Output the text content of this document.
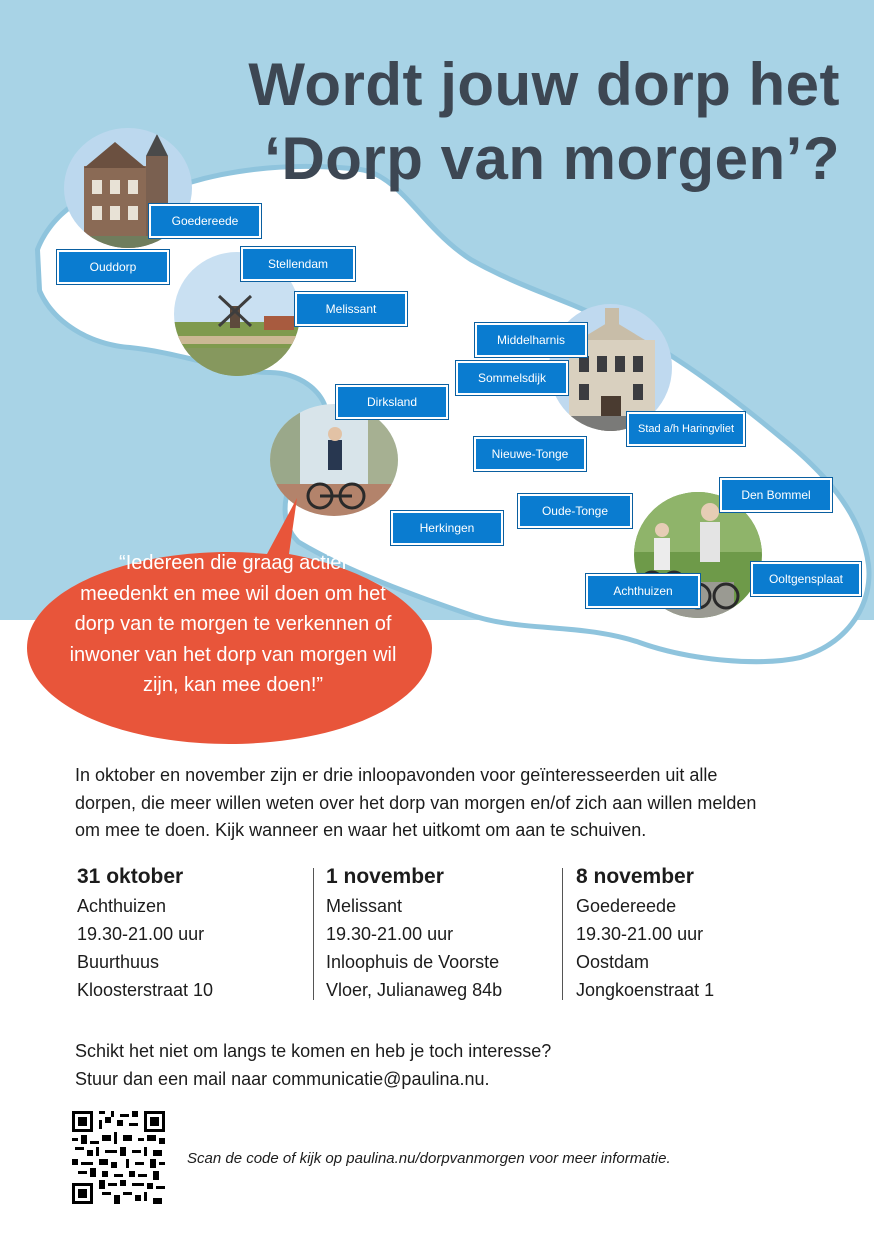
Wordt jouw dorp het
‘Dorp van morgen’?
Goedereede
Ouddorp	Stellendam
Melissant
Middelharnis
Sommelsdijk
Dirksland
Stad a/h Haringvliet
Nieuwe-Tonge
Den Bommel
Oude-Tonge
Herkingen
Ooltgensplaat
Achthuizen
“Iedereen die graag actief
meedenkt en mee wil doen om het
dorp van te morgen te verkennen of
inwoner van het dorp van morgen wil
zijn, kan mee doen!”
In oktober en november zijn er drie inloopavonden voor geïnteresseerden uit alle
dorpen, die meer willen weten over het dorp van morgen en/of zich aan willen melden
om mee te doen. Kijk wanneer en waar het uitkomt om aan te schuiven.
31 oktober
Achthuizen
19.30-21.00 uur
Buurthuus
Kloosterstraat 10
1 november
Melissant
19.30-21.00 uur
Inloophuis de Voorste
Vloer, Julianaweg 84b
8 november
Goedereede
19.30-21.00 uur
Oostdam
Jongkoenstraat 1
Schikt het niet om langs te komen en heb je toch interesse?
Stuur dan een mail naar communicatie@paulina.nu.
Scan de code of kijk op paulina.nu/dorpvanmorgen voor meer informatie.
